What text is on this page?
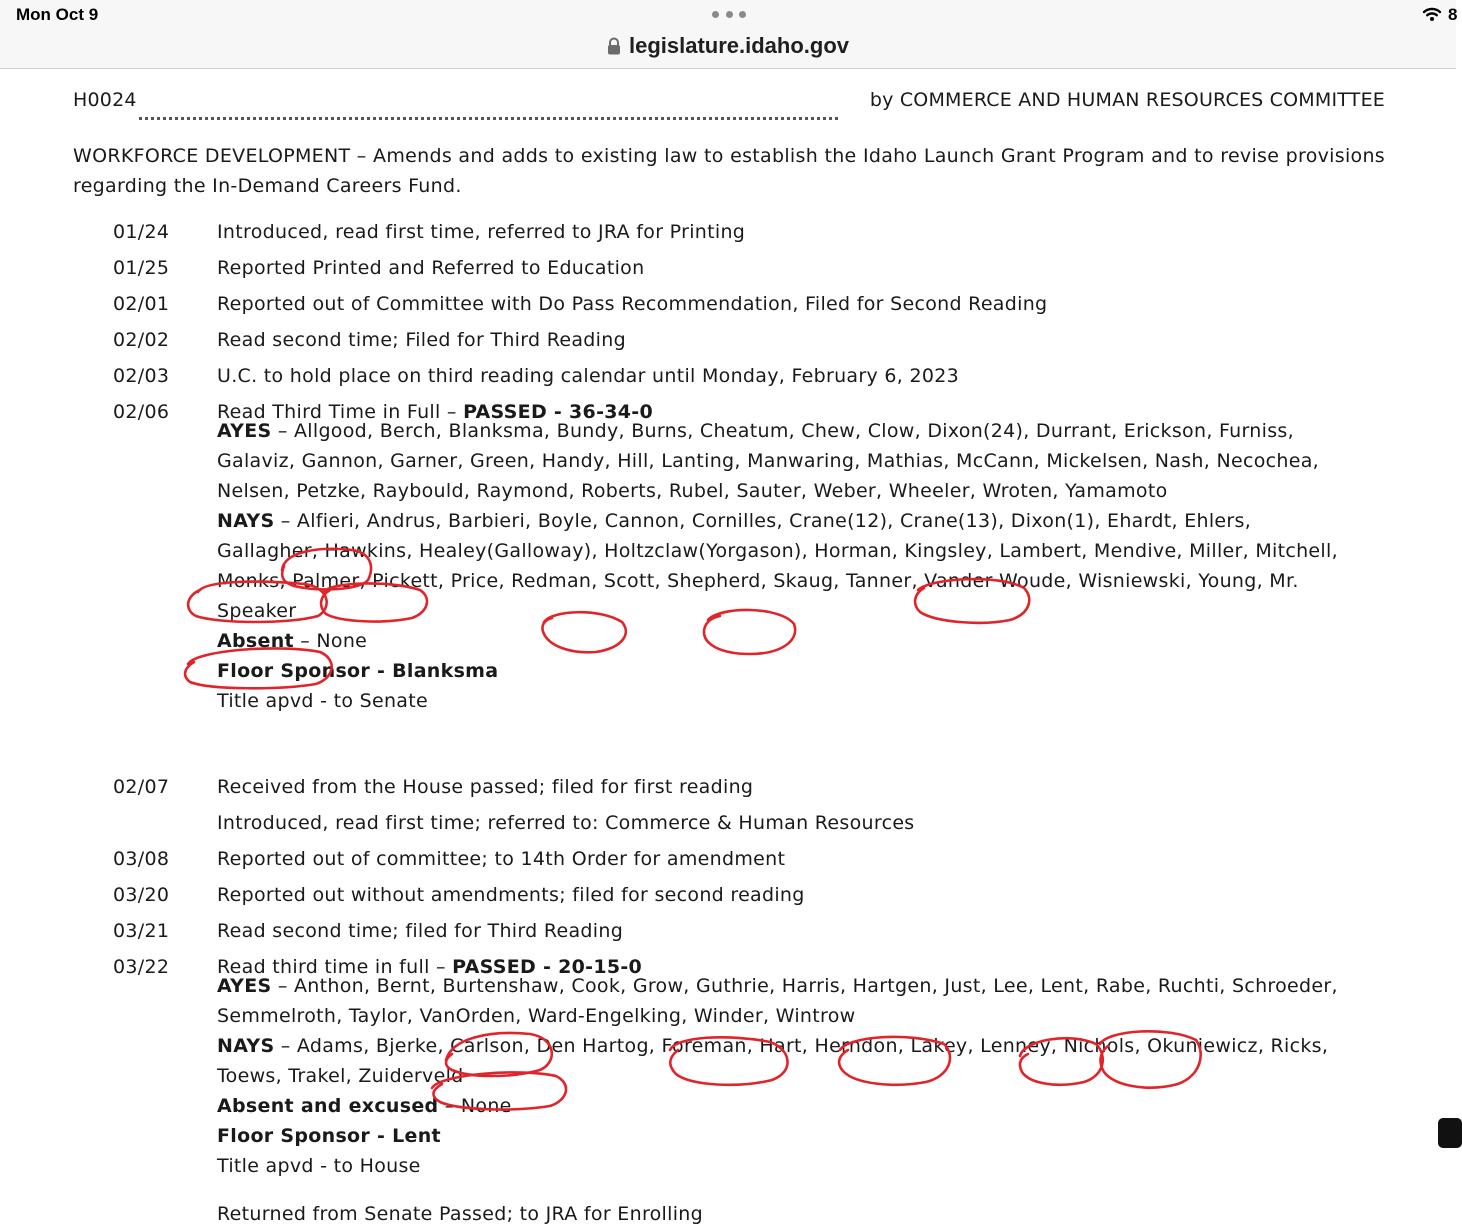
Mon Oct 9
legislature.idaho.gov
8
H0024	by COMMERCE AND HUMAN RESOURCES COMMITTEE
WORKFORCE DEVELOPMENT – Amends and adds to existing law to establish the Idaho Launch Grant Program and to revise provisions regarding the In-Demand Careers Fund.
01/24	Introduced, read first time, referred to JRA for Printing
01/25	Reported Printed and Referred to Education
02/01	Reported out of Committee with Do Pass Recommendation, Filed for Second Reading
02/02	Read second time; Filed for Third Reading
02/03	U.C. to hold place on third reading calendar until Monday, February 6, 2023
02/06	Read Third Time in Full – PASSED - 36-34-0

AYES – Allgood, Berch, Blanksma, Bundy, Burns, Cheatum, Chew, Clow, Dixon(24), Durrant, Erickson, Furniss, Galaviz, Gannon, Garner, Green, Handy, Hill, Lanting, Manwaring, Mathias, McCann, Mickelsen, Nash, Necochea, Nelsen, Petzke, Raybould, Raymond, Roberts, Rubel, Sauter, Weber, Wheeler, Wroten, Yamamoto

NAYS – Alfieri, Andrus, Barbieri, Boyle, Cannon, Cornilles, Crane(12), Crane(13), Dixon(1), Ehardt, Ehlers, Gallagher, Hawkins, Healey(Galloway), Holtzclaw(Yorgason), Horman, Kingsley, Lambert, Mendive, Miller, Mitchell, Monks, Palmer, Pickett, Price, Redman, Scott, Shepherd, Skaug, Tanner, Vander Woude, Wisniewski, Young, Mr. Speaker

Absent – None

Floor Sponsor - Blanksma

Title apvd - to Senate

02/07	Received from the House passed; filed for first reading
Introduced, read first time; referred to: Commerce & Human Resources
03/08	Reported out of committee; to 14th Order for amendment
03/20	Reported out without amendments; filed for second reading
03/21	Read second time; filed for Third Reading
03/22	Read third time in full – PASSED - 20-15-0

AYES – Anthon, Bernt, Burtenshaw, Cook, Grow, Guthrie, Harris, Hartgen, Just, Lee, Lent, Rabe, Ruchti, Schroeder, Semmelroth, Taylor, VanOrden, Ward-Engelking, Winder, Wintrow

NAYS – Adams, Bjerke, Carlson, Den Hartog, Foreman, Hart, Herndon, Lakey, Lenney, Nichols, Okuniewicz, Ricks, Toews, Trakel, Zuiderveld

Absent and excused – None

Floor Sponsor - Lent

Title apvd - to House

Returned from Senate Passed; to JRA for Enrolling
